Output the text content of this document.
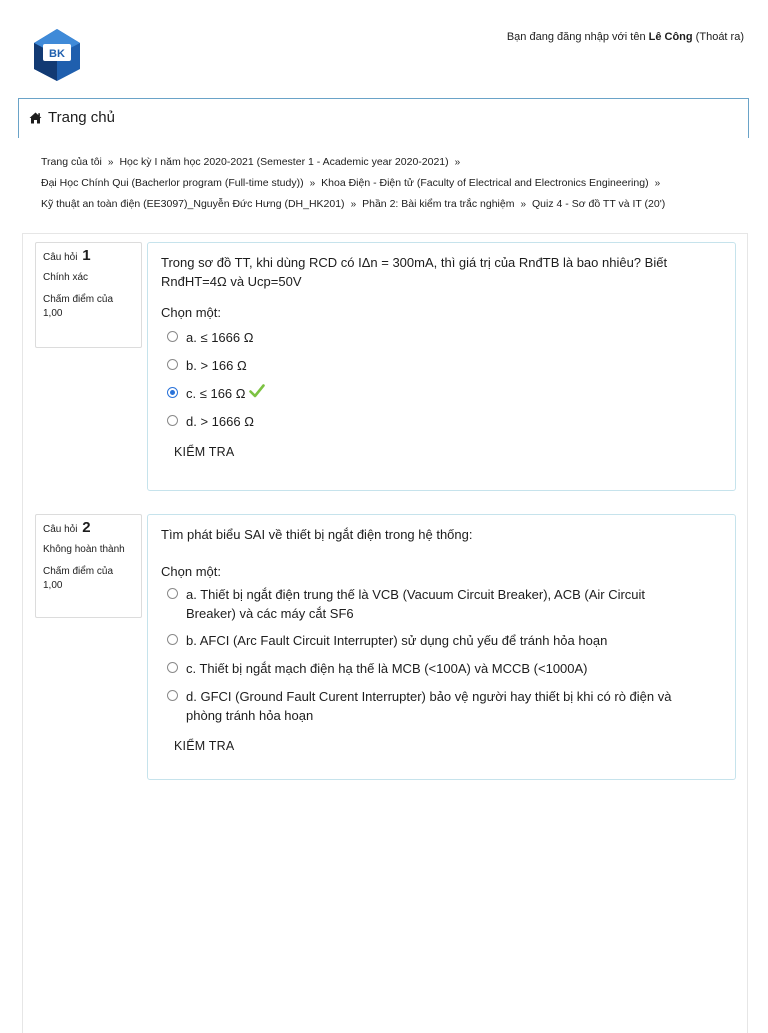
BK
BÁCH KHOA E-LEARNING
Bạn đang đăng nhập với tên Lê Công (Thoát ra)
Trang chủ
Trang của tôi » Học kỳ I năm học 2020-2021 (Semester 1 - Academic year 2020-2021) »
Đại Học Chính Qui (Bacherlor program (Full-time study)) » Khoa Điện - Điện tử (Faculty of Electrical and Electronics Engineering) »
Kỹ thuật an toàn điện (EE3097)_Nguyễn Đức Hưng (DH_HK201) » Phần 2: Bài kiểm tra trắc nghiệm » Quiz 4 - Sơ đồ TT và IT (20')
Câu hỏi 1
Chính xác
Chấm điểm của
1,00
Trong sơ đồ TT, khi dùng RCD có IΔn = 300mA, thì giá trị của RnđTB là bao nhiêu? Biết RnđHT=4Ω và Ucp=50V
Chọn một:
a. ≤ 1666 Ω
b. > 166 Ω
c. ≤ 166 Ω
d. > 1666 Ω
KIỂM TRA
Câu hỏi 2
Không hoàn thành
Chấm điểm của
1,00
Tìm phát biểu SAI về thiết bị ngắt điện trong hệ thống:
Chọn một:
a. Thiết bị ngắt điện trung thế là VCB (Vacuum Circuit Breaker), ACB (Air Circuit Breaker) và các máy cắt SF6
b. AFCI (Arc Fault Circuit Interrupter) sử dụng chủ yếu để tránh hỏa hoạn
c. Thiết bị ngắt mạch điện hạ thế là MCB (<100A) và MCCB (<1000A)
d. GFCI (Ground Fault Curent Interrupter) bảo vệ người hay thiết bị khi có rò điện và phòng tránh hỏa hoạn
KIỂM TRA
